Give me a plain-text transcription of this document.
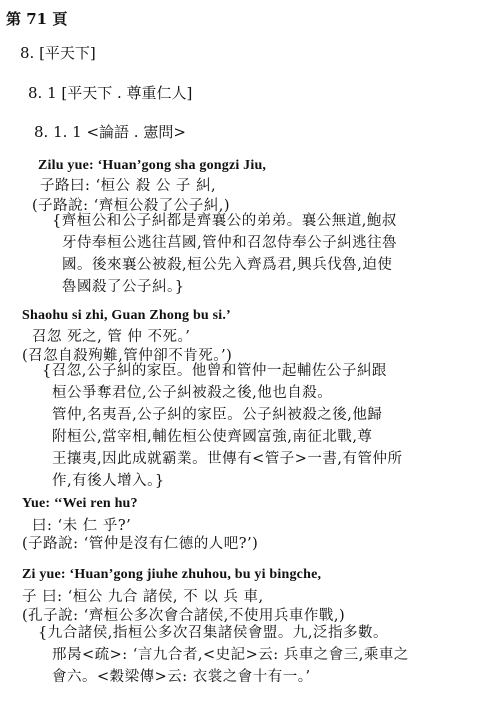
第 71 頁
8. [平天下]
8. 1 [平天下 . 尊重仁人]
8. 1. 1 <論語 . 憲問>
Zilu yue: ‘Huan’gong sha gongzi Jiu,
子路曰: ‘桓公 殺 公 子 糾,
(子路說: ‘齊桓公殺了公子糾,)
{齊桓公和公子糾都是齊襄公的弟弟。襄公無道,鮑叔
牙侍奉桓公逃往莒國,管仲和召忽侍奉公子糾逃往魯
國。後來襄公被殺,桓公先入齊爲君,興兵伐魯,迫使
魯國殺了公子糾。}
Shaohu si zhi, Guan Zhong bu si.’
召忽 死之, 管 仲 不死。’
(召忽自殺殉難,管仲卻不肯死。’)
{召忽,公子糾的家臣。他曾和管仲一起輔佐公子糾跟
桓公爭奪君位,公子糾被殺之後,他也自殺。
管仲,名夷吾,公子糾的家臣。公子糾被殺之後,他歸
附桓公,當宰相,輔佐桓公使齊國富強,南征北戰,尊
王攘夷,因此成就霸業。世傳有<管子>一書,有管仲所
作,有後人增入。}
Yue: ‘‘Wei ren hu?
曰: ‘未 仁 乎?’
(子路說: ‘管仲是沒有仁德的人吧?’)
Zi yue: ‘Huan’gong jiuhe zhuhou, bu yi bingche,
子 曰: ‘桓公 九合 諸侯, 不 以 兵 車,
(孔子說: ‘齊桓公多次會合諸侯,不使用兵車作戰,)
{九合諸侯,指桓公多次召集諸侯會盟。九,泛指多數。
邢昺<疏>: ‘言九合者,<史記>云: 兵車之會三,乘車之
會六。<穀梁傳>云: 衣裳之會十有一。’
